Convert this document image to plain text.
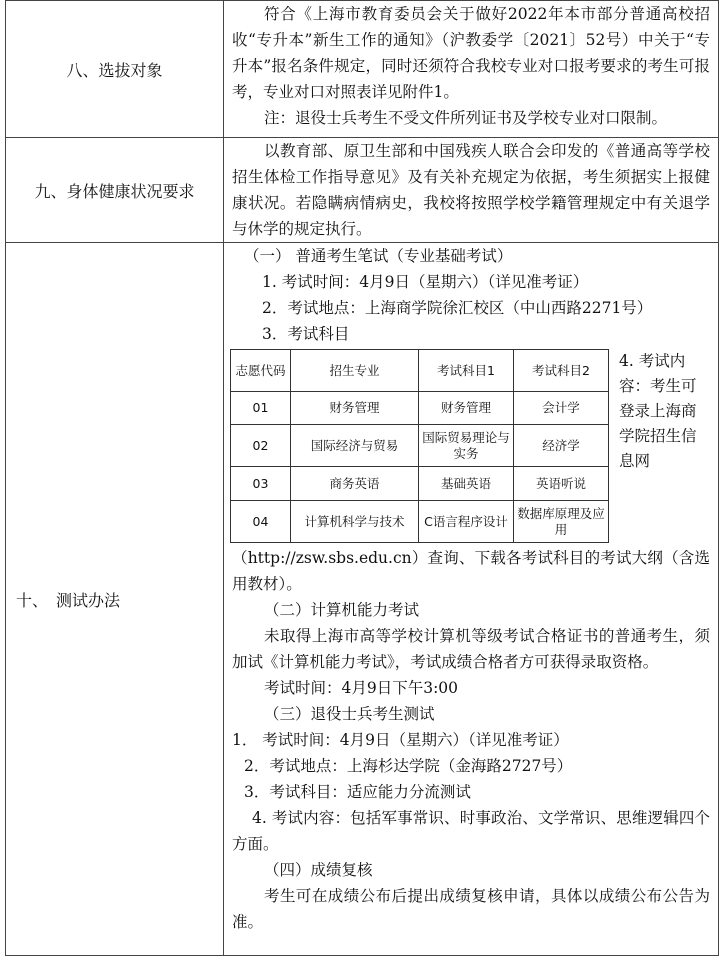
八、选拔对象	

符合《上海市教育委员会关于做好2022年本市部分普通高校招收“专升本”新生工作的通知》（沪教委学〔2021〕52号）中关于“专升本”报名条件规定，同时还须符合我校专业对口报考要求的考生可报考，专业对口对照表详见附件1。

注：退役士兵考生不受文件所列证书及学校专业对口限制。

九、身体健康状况要求	

以教育部、原卫生部和中国残疾人联合会印发的《普通高等学校招生体检工作指导意见》及有关补充规定为依据，考生须据实上报健康状况。若隐瞒病情病史，我校将按照学校学籍管理规定中有关退学与休学的规定执行。

十、　测试办法	

（一） 普通考生笔试（专业基础考试）

1. 考试时间：4月9日（星期六）（详见准考证）

2．考试地点：上海商学院徐汇校区（中山西路2271号）

3．考试科目

志愿代码	招生专业	考试科目1	考试科目2
01	财务管理	财务管理	会计学
02	国际经济与贸易	国际贸易理论与实务	经济学
03	商务英语	基础英语	英语听说
04	计算机科学与技术	C语言程序设计	数据库原理及应用
4. 考试内容：考生可登录上海商学院招生信息网

（http://zsw.sbs.edu.cn）查询、下载各考试科目的考试大纲（含选用教材）。

（二）计算机能力考试

未取得上海市高等学校计算机等级考试合格证书的普通考生，须加试《计算机能力考试》，考试成绩合格者方可获得录取资格。

考试时间：4月9日下午3:00

（三）退役士兵考生测试

1． 考试时间：4月9日（星期六）（详见准考证）

2．考试地点：上海杉达学院（金海路2727号）

3．考试科目：适应能力分流测试

4. 考试内容：包括军事常识、时事政治、文学常识、思维逻辑四个方面。

（四）成绩复核

考生可在成绩公布后提出成绩复核申请，具体以成绩公布公告为准。
